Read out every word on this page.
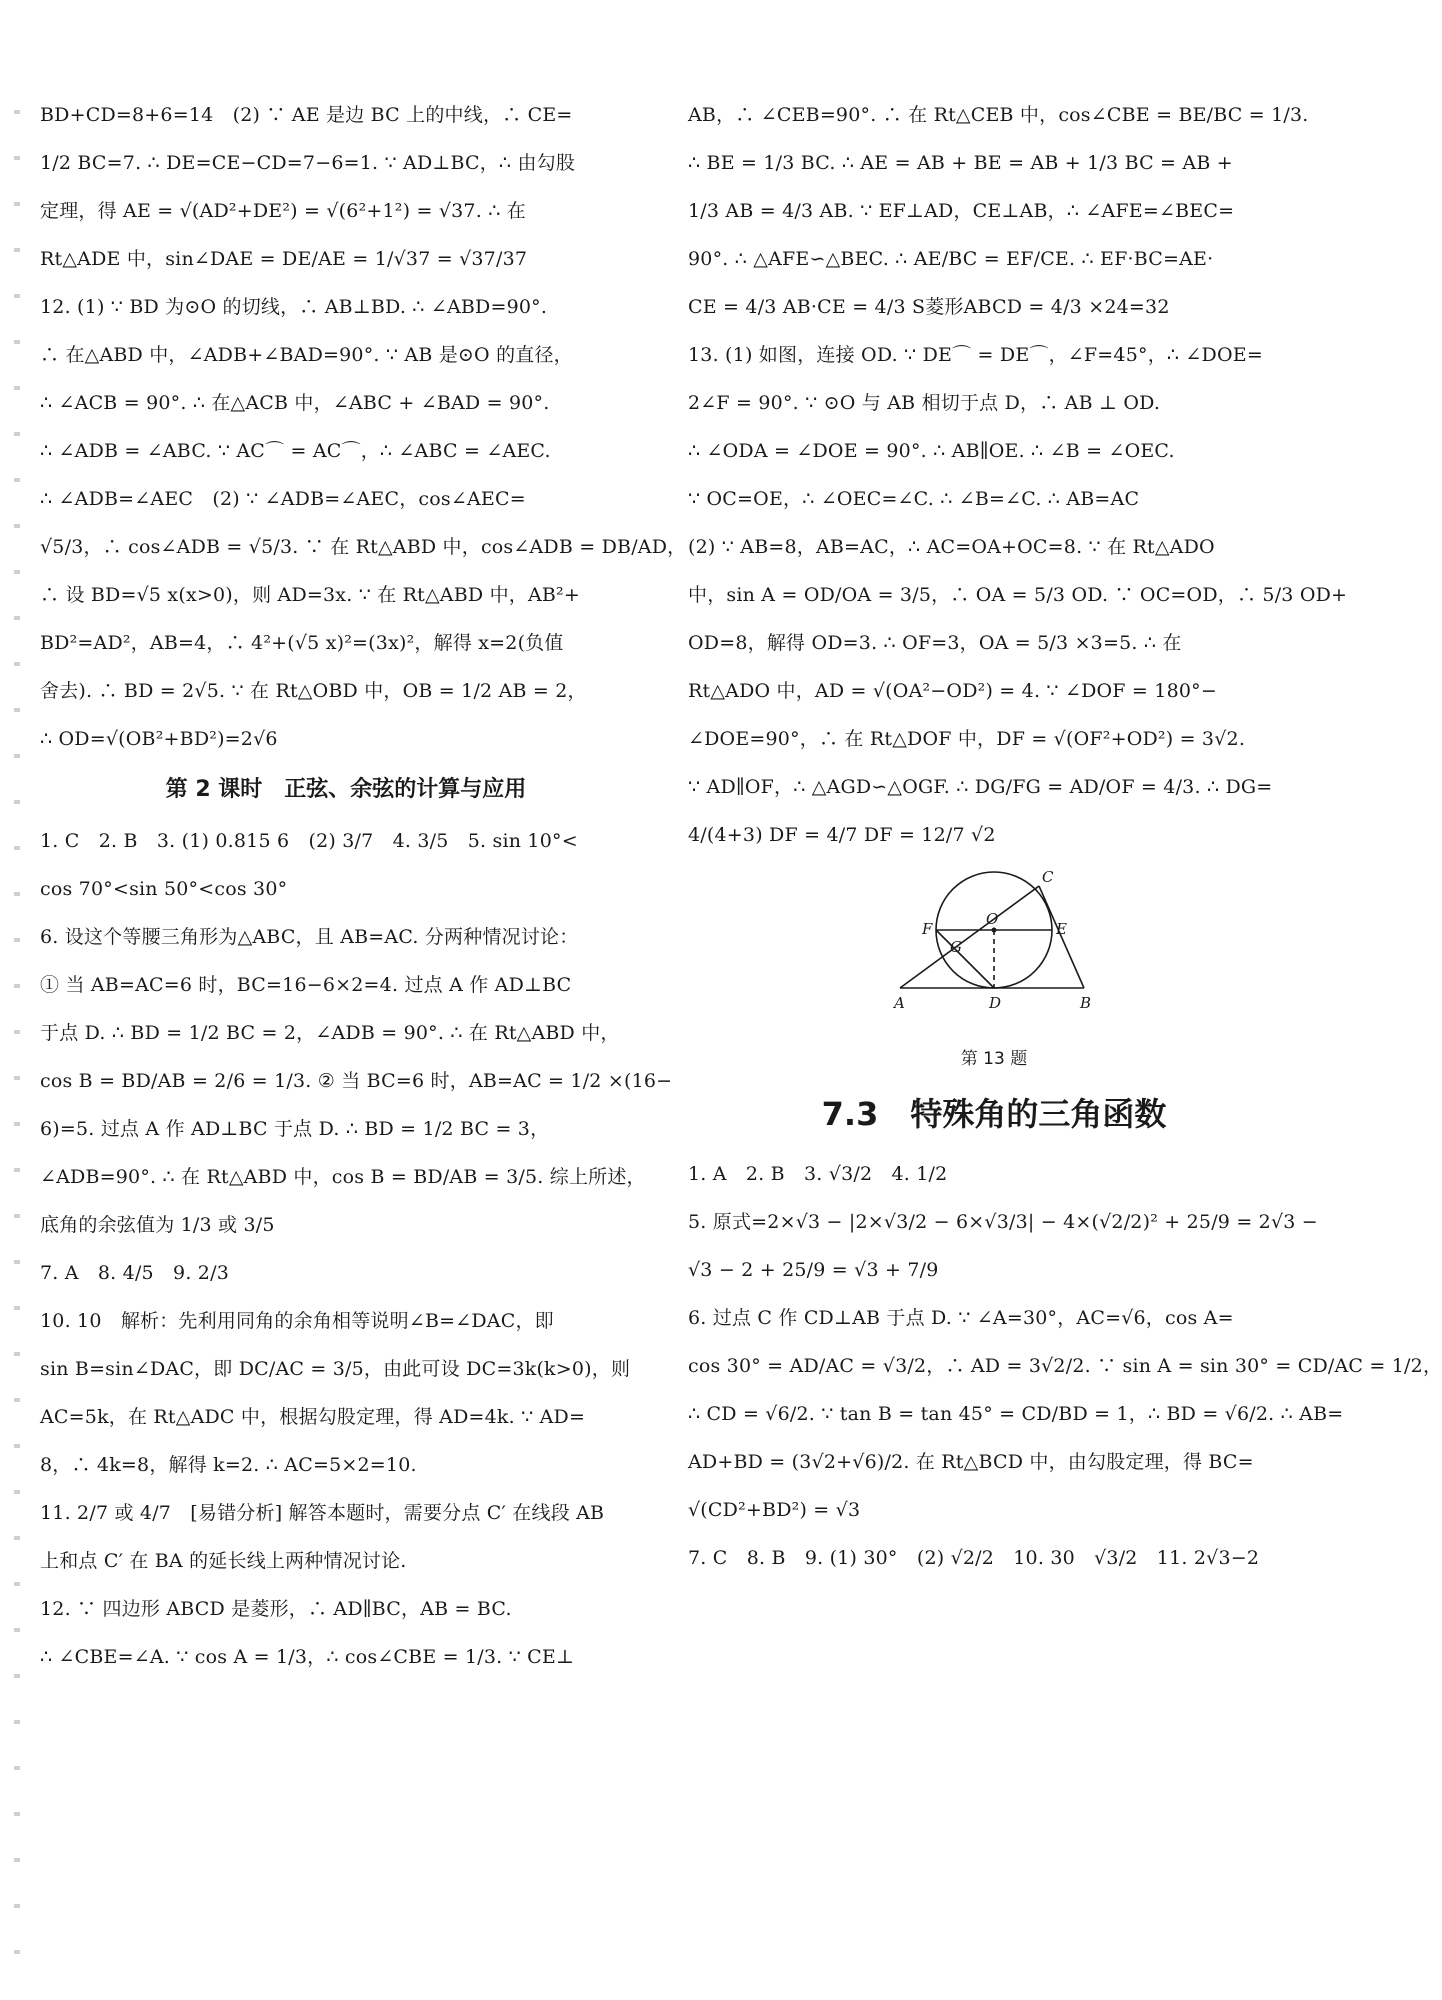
BD+CD=8+6=14　(2) ∵ AE 是边 BC 上的中线，∴ CE=
1/2 BC=7. ∴ DE=CE−CD=7−6=1. ∵ AD⊥BC，∴ 由勾股
定理，得 AE = √(AD²+DE²) = √(6²+1²) = √37. ∴ 在
Rt△ADE 中，sin∠DAE = DE/AE = 1/√37 = √37/37
12. (1) ∵ BD 为⊙O 的切线，∴ AB⊥BD. ∴ ∠ABD=90°.
∴ 在△ABD 中，∠ADB+∠BAD=90°. ∵ AB 是⊙O 的直径，
∴ ∠ACB = 90°. ∴ 在△ACB 中，∠ABC + ∠BAD = 90°.
∴ ∠ADB = ∠ABC. ∵ AC⌒ = AC⌒，∴ ∠ABC = ∠AEC.
∴ ∠ADB=∠AEC　(2) ∵ ∠ADB=∠AEC，cos∠AEC=
√5/3，∴ cos∠ADB = √5/3. ∵ 在 Rt△ABD 中，cos∠ADB = DB/AD，
∴ 设 BD=√5 x(x>0)，则 AD=3x. ∵ 在 Rt△ABD 中，AB²+
BD²=AD²，AB=4，∴ 4²+(√5 x)²=(3x)²，解得 x=2(负值
舍去). ∴ BD = 2√5. ∵ 在 Rt△OBD 中，OB = 1/2 AB = 2，
∴ OD=√(OB²+BD²)=2√6
第 2 课时　正弦、余弦的计算与应用
1. C　2. B　3. (1) 0.815 6　(2) 3/7　4. 3/5　5. sin 10°<
cos 70°<sin 50°<cos 30°
6. 设这个等腰三角形为△ABC，且 AB=AC. 分两种情况讨论：
① 当 AB=AC=6 时，BC=16−6×2=4. 过点 A 作 AD⊥BC
于点 D. ∴ BD = 1/2 BC = 2，∠ADB = 90°. ∴ 在 Rt△ABD 中，
cos B = BD/AB = 2/6 = 1/3. ② 当 BC=6 时，AB=AC = 1/2 ×(16−
6)=5. 过点 A 作 AD⊥BC 于点 D. ∴ BD = 1/2 BC = 3，
∠ADB=90°. ∴ 在 Rt△ABD 中，cos B = BD/AB = 3/5. 综上所述，
底角的余弦值为 1/3 或 3/5
7. A　8. 4/5　9. 2/3
10. 10　解析：先利用同角的余角相等说明∠B=∠DAC，即
sin B=sin∠DAC，即 DC/AC = 3/5，由此可设 DC=3k(k>0)，则
AC=5k，在 Rt△ADC 中，根据勾股定理，得 AD=4k. ∵ AD=
8，∴ 4k=8，解得 k=2. ∴ AC=5×2=10.
11. 2/7 或 4/7　[易错分析] 解答本题时，需要分点 C′ 在线段 AB
上和点 C′ 在 BA 的延长线上两种情况讨论.
12. ∵ 四边形 ABCD 是菱形，∴ AD∥BC，AB = BC.
∴ ∠CBE=∠A. ∵ cos A = 1/3，∴ cos∠CBE = 1/3. ∵ CE⊥
AB，∴ ∠CEB=90°. ∴ 在 Rt△CEB 中，cos∠CBE = BE/BC = 1/3.
∴ BE = 1/3 BC. ∴ AE = AB + BE = AB + 1/3 BC = AB +
1/3 AB = 4/3 AB. ∵ EF⊥AD，CE⊥AB，∴ ∠AFE=∠BEC=
90°. ∴ △AFE∽△BEC. ∴ AE/BC = EF/CE. ∴ EF·BC=AE·
CE = 4/3 AB·CE = 4/3 S菱形ABCD = 4/3 ×24=32
13. (1) 如图，连接 OD. ∵ DE⌒ = DE⌒，∠F=45°，∴ ∠DOE=
2∠F = 90°. ∵ ⊙O 与 AB 相切于点 D，∴ AB ⊥ OD.
∴ ∠ODA = ∠DOE = 90°. ∴ AB∥OE. ∴ ∠B = ∠OEC.
∵ OC=OE，∴ ∠OEC=∠C. ∴ ∠B=∠C. ∴ AB=AC
(2) ∵ AB=8，AB=AC，∴ AC=OA+OC=8. ∵ 在 Rt△ADO
中，sin A = OD/OA = 3/5，∴ OA = 5/3 OD. ∵ OC=OD，∴ 5/3 OD+
OD=8，解得 OD=3. ∴ OF=3，OA = 5/3 ×3=5. ∴ 在
Rt△ADO 中，AD = √(OA²−OD²) = 4. ∵ ∠DOF = 180°−
∠DOE=90°，∴ 在 Rt△DOF 中，DF = √(OF²+OD²) = 3√2.
∵ AD∥OF，∴ △AGD∽△OGF. ∴ DG/FG = AD/OF = 4/3. ∴ DG=
4/(4+3) DF = 4/7 DF = 12/7 √2
A	B
C
D
E
F
G
O
第 13 题
7.3　特殊角的三角函数
1. A　2. B　3. √3/2　4. 1/2
5. 原式=2×√3 − |2×√3/2 − 6×√3/3| − 4×(√2/2)² + 25/9 = 2√3 −
√3 − 2 + 25/9 = √3 + 7/9
6. 过点 C 作 CD⊥AB 于点 D. ∵ ∠A=30°，AC=√6，cos A=
cos 30° = AD/AC = √3/2，∴ AD = 3√2/2. ∵ sin A = sin 30° = CD/AC = 1/2，
∴ CD = √6/2. ∵ tan B = tan 45° = CD/BD = 1，∴ BD = √6/2. ∴ AB=
AD+BD = (3√2+√6)/2. 在 Rt△BCD 中，由勾股定理，得 BC=
√(CD²+BD²) = √3
7. C　8. B　9. (1) 30°　(2) √2/2　10. 30　√3/2　11. 2√3−2
